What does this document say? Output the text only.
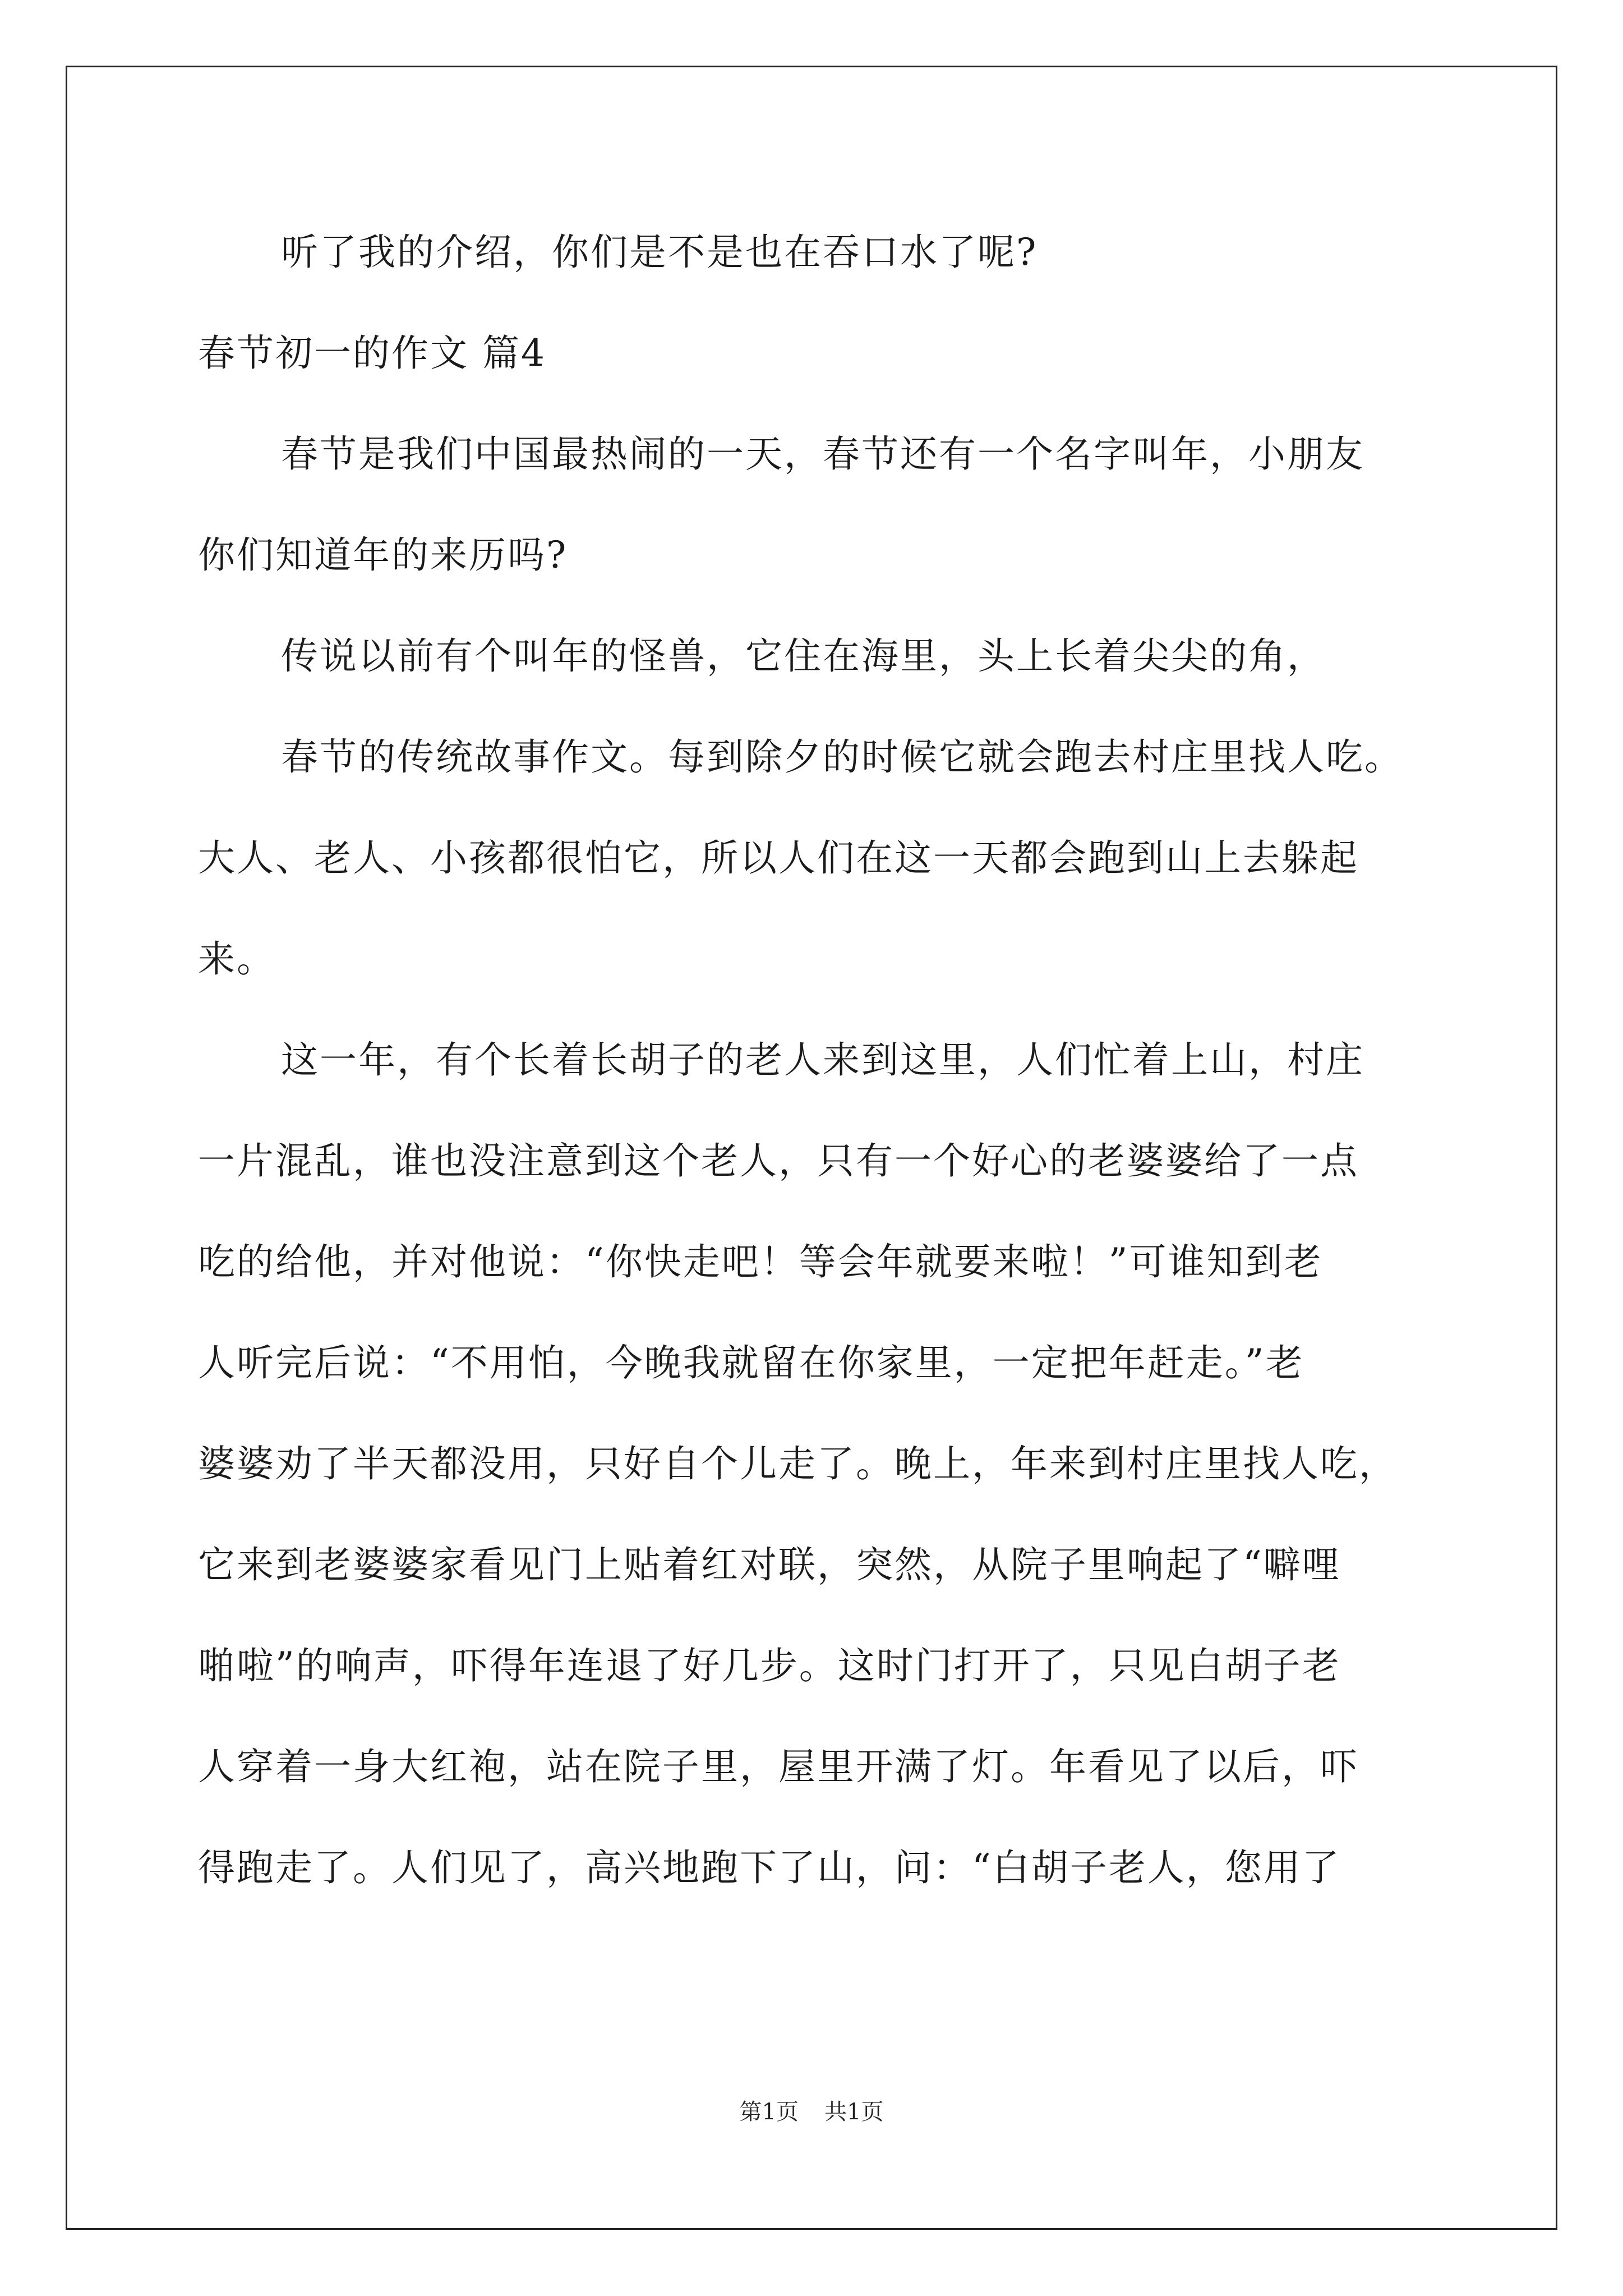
听了我的介绍，你们是不是也在吞口水了呢?
春节初一的作文 篇4
春节是我们中国最热闹的一天，春节还有一个名字叫年，小朋友
你们知道年的来历吗?
传说以前有个叫年的怪兽，它住在海里，头上长着尖尖的角，
春节的传统故事作文。每到除夕的时候它就会跑去村庄里找人吃。
大人、老人、小孩都很怕它，所以人们在这一天都会跑到山上去躲起
来。
这一年，有个长着长胡子的老人来到这里，人们忙着上山，村庄
一片混乱，谁也没注意到这个老人，只有一个好心的老婆婆给了一点
吃的给他，并对他说：“你快走吧！等会年就要来啦！”可谁知到老
人听完后说：“不用怕，今晚我就留在你家里，一定把年赶走。”老
婆婆劝了半天都没用，只好自个儿走了。晚上，年来到村庄里找人吃，
它来到老婆婆家看见门上贴着红对联，突然，从院子里响起了“噼哩
啪啦”的响声，吓得年连退了好几步。这时门打开了，只见白胡子老
人穿着一身大红袍，站在院子里，屋里开满了灯。年看见了以后，吓
得跑走了。人们见了，高兴地跑下了山，问：“白胡子老人，您用了
第1页 共1页
